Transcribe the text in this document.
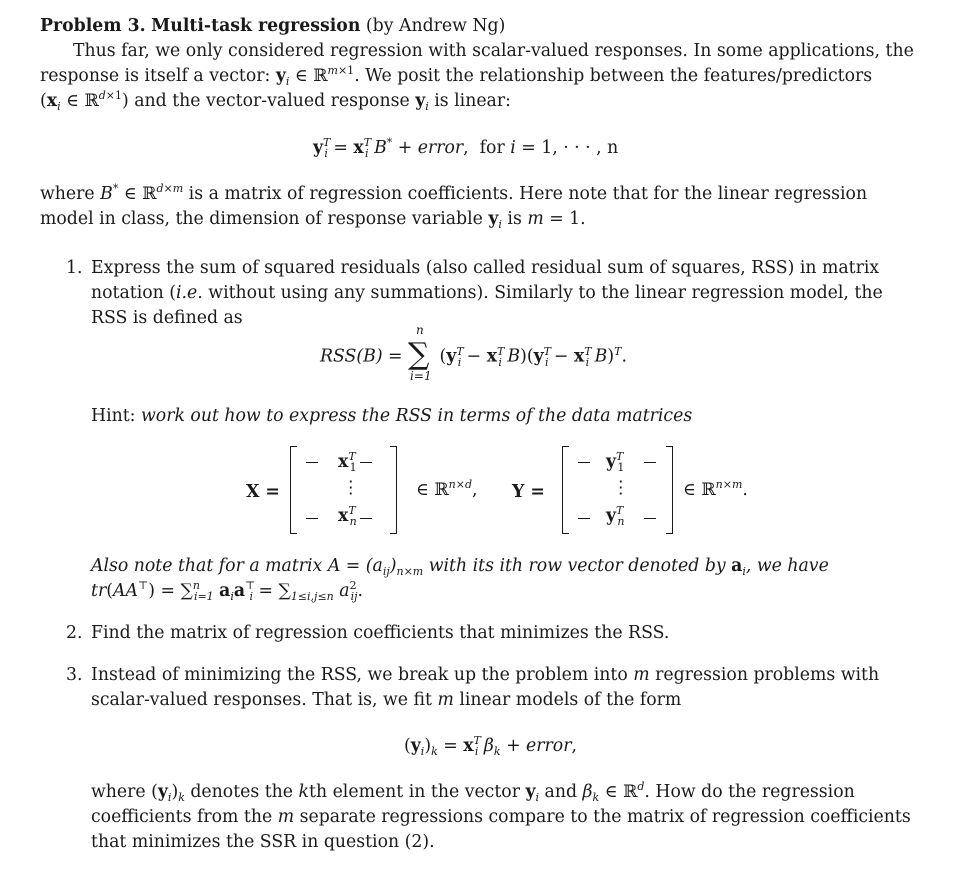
Problem 3. Multi-task regression (by Andrew Ng)
Thus far, we only considered regression with scalar-valued responses. In some applications, the
response is itself a vector: $y_i$ ∈ ℝ$^{m\times 1}$. We posit the relationship between the features/predictors
($x_i$ ∈ ℝ$^{d\times 1}$) and the vector-valued response $y_i$ is linear:
$y^T_i = x^T_i$ B* + error,  for i = 1, · · · , n
where B* ∈ ℝ$^{d\times m}$ is a matrix of regression coefficients. Here note that for the linear regression
model in class, the dimension of response variable $y_i$ is m = 1.
1. Express the sum of squared residuals (also called residual sum of squares, RSS) in matrix
notation (i.e. without using any summations). Similarly to the linear regression model, the
RSS is defined as
RSS(B) =
n
∑
i=1
($y^T_i - x^T_i$ $B)(y^T_i - x^T_i$ B)$^T$.
Hint: work out how to express the RSS in terms of the data matrices
X =
$x^T_1$
⋮
$x^T_n$
∈ ℝ$^{n\times d}$, Y =
$y^T_1$
⋮
$y^T_n$
∈ ℝ$^{n\times m}$.
Also note that for a matrix $A = (a_{ij})_{n\times m}$ with its ith row vector denoted by $a_i$, we have
tr(AA⊤) = ∑$^n_{i=1}$ $a_ia^⊤_i = \sum_{1\le i,j\le n}$ $a^2_{ij}$.
2. Find the matrix of regression coefficients that minimizes the RSS.
3. Instead of minimizing the RSS, we break up the problem into m regression problems with
scalar-valued responses. That is, we fit m linear models of the form
$(y_i)_k = x^T_i$ $\beta_k$ + error,
where $(y_i)_k$ denotes the kth element in the vector $y_i$ and $\beta_k$ ∈ ℝ$^d$. How do the regression
coefficients from the m separate regressions compare to the matrix of regression coefficients
that minimizes the SSR in question (2).
